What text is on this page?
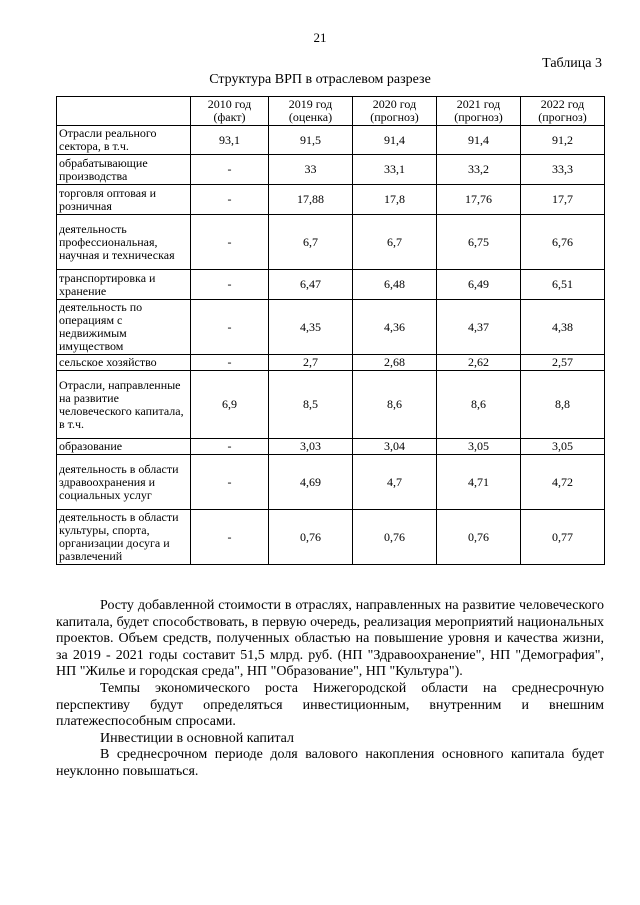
21
Таблица 3
Структура ВРП в отраслевом разрезе
	2010 год (факт)	2019 год (оценка)	2020 год (прогноз)	2021 год (прогноз)	2022 год (прогноз)
Отрасли реального сектора, в т.ч.	93,1	91,5	91,4	91,4	91,2
обрабатывающие производства	-	33	33,1	33,2	33,3
торговля оптовая и розничная	-	17,88	17,8	17,76	17,7
деятельность профессиональная, научная и техническая	-	6,7	6,7	6,75	6,76
транспортировка и хранение	-	6,47	6,48	6,49	6,51
деятельность по операциям с недвижимым имуществом	-	4,35	4,36	4,37	4,38
сельское хозяйство	-	2,7	2,68	2,62	2,57
Отрасли, направленные на развитие человеческого капитала, в т.ч.	6,9	8,5	8,6	8,6	8,8
образование	-	3,03	3,04	3,05	3,05
деятельность в области здравоохранения и социальных услуг	-	4,69	4,7	4,71	4,72
деятельность в области культуры, спорта, организации досуга и развлечений	-	0,76	0,76	0,76	0,77

Росту добавленной стоимости в отраслях, направленных на развитие человеческого капитала, будет способствовать, в первую очередь, реализация мероприятий национальных проектов. Объем средств, полученных областью на повышение уровня и качества жизни, за 2019 - 2021 годы составит 51,5 млрд. руб. (НП "Здравоохранение", НП "Демография", НП "Жилье и городская среда", НП "Образование", НП "Культура").

Темпы экономического роста Нижегородской области на среднесрочную перспективу будут определяться инвестиционным, внутренним и внешним платежеспособным спросами.

Инвестиции в основной капитал

В среднесрочном периоде доля валового накопления основного капитала будет неуклонно повышаться.
